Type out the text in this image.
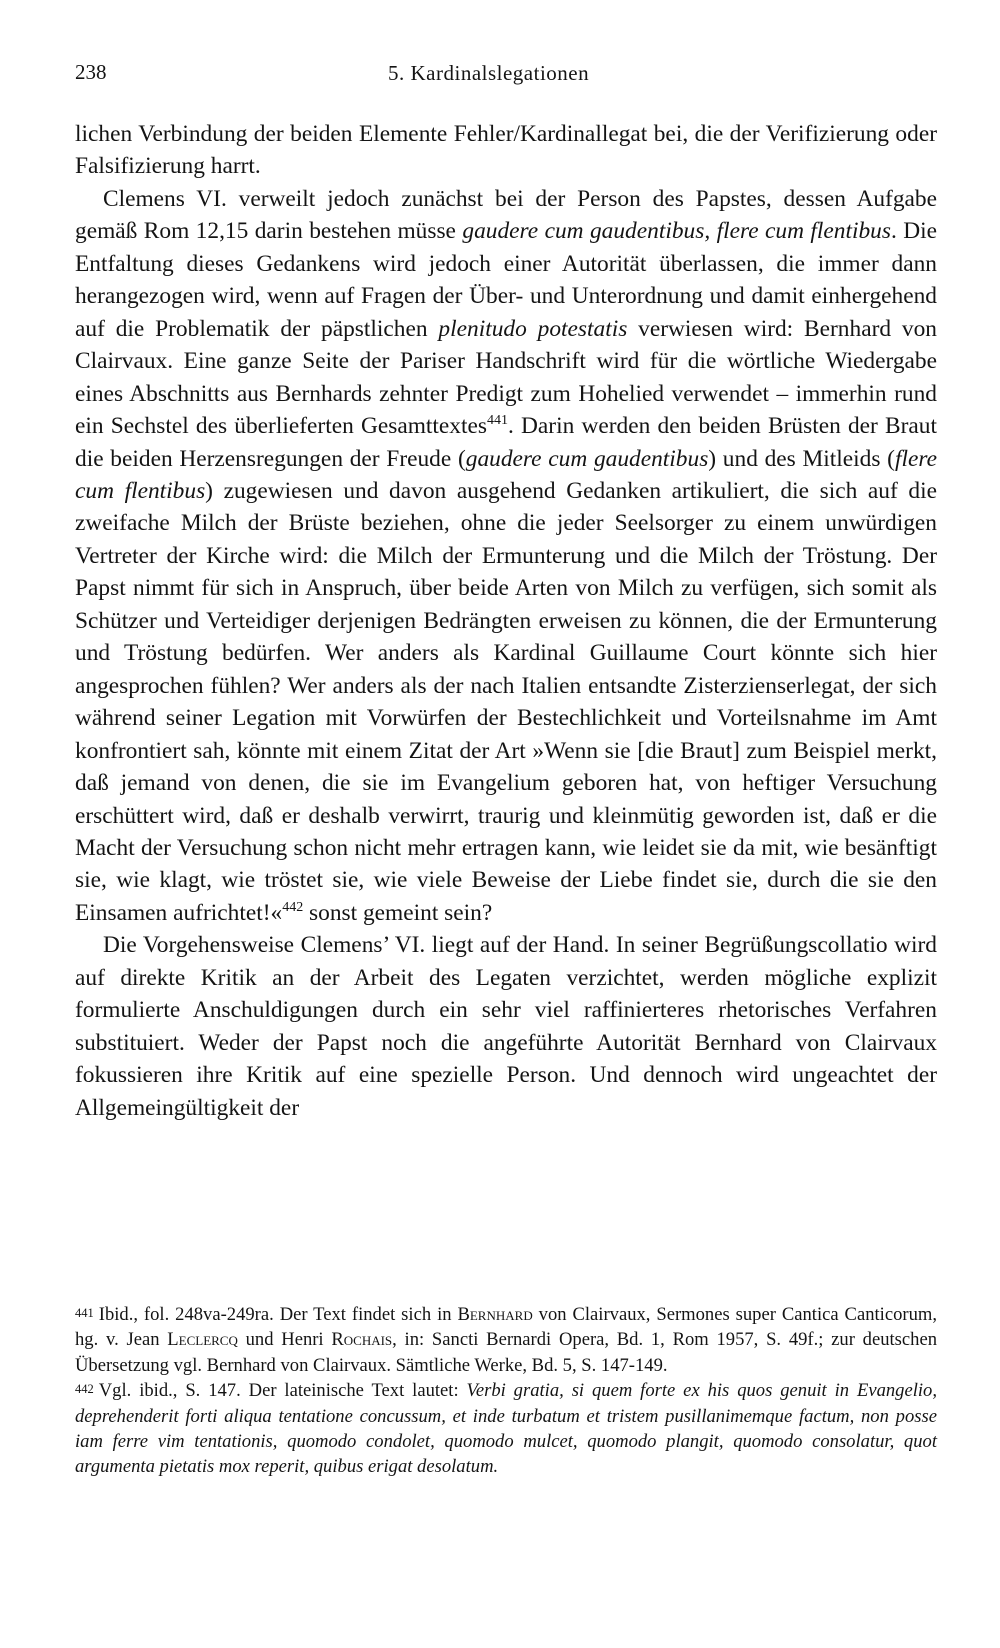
238	5. Kardinalslegationen

lichen Verbindung der beiden Elemente Fehler/Kardinallegat bei, die der Verifizierung oder Falsifizierung harrt.

Clemens VI. verweilt jedoch zunächst bei der Person des Papstes, dessen Aufgabe gemäß Rom 12,15 darin bestehen müsse gaudere cum gaudentibus, flere cum flentibus. Die Entfaltung dieses Gedankens wird jedoch einer Autorität überlassen, die immer dann herangezogen wird, wenn auf Fragen der Über- und Unterordnung und damit einhergehend auf die Problematik der päpstlichen plenitudo potestatis verwiesen wird: Bernhard von Clairvaux. Eine ganze Seite der Pariser Handschrift wird für die wörtliche Wiedergabe eines Abschnitts aus Bernhards zehnter Predigt zum Hohelied verwendet – immerhin rund ein Sechstel des überlieferten Gesamttextes$^{441}$. Darin werden den beiden Brüsten der Braut die beiden Herzensregungen der Freude (gaudere cum gaudentibus) und des Mitleids (flere cum flentibus) zugewiesen und davon ausgehend Gedanken artikuliert, die sich auf die zweifache Milch der Brüste beziehen, ohne die jeder Seelsorger zu einem unwürdigen Vertreter der Kirche wird: die Milch der Ermunterung und die Milch der Tröstung. Der Papst nimmt für sich in Anspruch, über beide Arten von Milch zu verfügen, sich somit als Schützer und Verteidiger derjenigen Bedrängten erweisen zu können, die der Ermunterung und Tröstung bedürfen. Wer anders als Kardinal Guillaume Court könnte sich hier angesprochen fühlen? Wer anders als der nach Italien entsandte Zisterzienserlegat, der sich während seiner Legation mit Vorwürfen der Bestechlichkeit und Vorteilsnahme im Amt konfrontiert sah, könnte mit einem Zitat der Art »Wenn sie [die Braut] zum Beispiel merkt, daß jemand von denen, die sie im Evangelium geboren hat, von heftiger Versuchung erschüttert wird, daß er deshalb verwirrt, traurig und kleinmütig geworden ist, daß er die Macht der Versuchung schon nicht mehr ertragen kann, wie leidet sie da mit, wie besänftigt sie, wie klagt, wie tröstet sie, wie viele Beweise der Liebe findet sie, durch die sie den Einsamen aufrichtet!«$^{442}$ sonst gemeint sein?

Die Vorgehensweise Clemens’ VI. liegt auf der Hand. In seiner Begrüßungscollatio wird auf direkte Kritik an der Arbeit des Legaten verzichtet, werden mögliche explizit formulierte Anschuldigungen durch ein sehr viel raffinierteres rhetorisches Verfahren substituiert. Weder der Papst noch die angeführte Autorität Bernhard von Clairvaux fokussieren ihre Kritik auf eine spezielle Person. Und dennoch wird ungeachtet der Allgemeingültigkeit der

$^{441}$ Ibid., fol. 248va-249ra. Der Text findet sich in Bernhard von Clairvaux, Sermones super Cantica Canticorum, hg. v. Jean Leclercq und Henri Rochais, in: Sancti Bernardi Opera, Bd. 1, Rom 1957, S. 49f.; zur deutschen Übersetzung vgl. Bernhard von Clairvaux. Sämtliche Werke, Bd. 5, S. 147-149.

$^{442}$ Vgl. ibid., S. 147. Der lateinische Text lautet: Verbi gratia, si quem forte ex his quos genuit in Evangelio, deprehenderit forti aliqua tentatione concussum, et inde turbatum et tristem pusillanimemque factum, non posse iam ferre vim tentationis, quomodo condolet, quomodo mulcet, quomodo plangit, quomodo consolatur, quot argumenta pietatis mox reperit, quibus erigat desolatum.
